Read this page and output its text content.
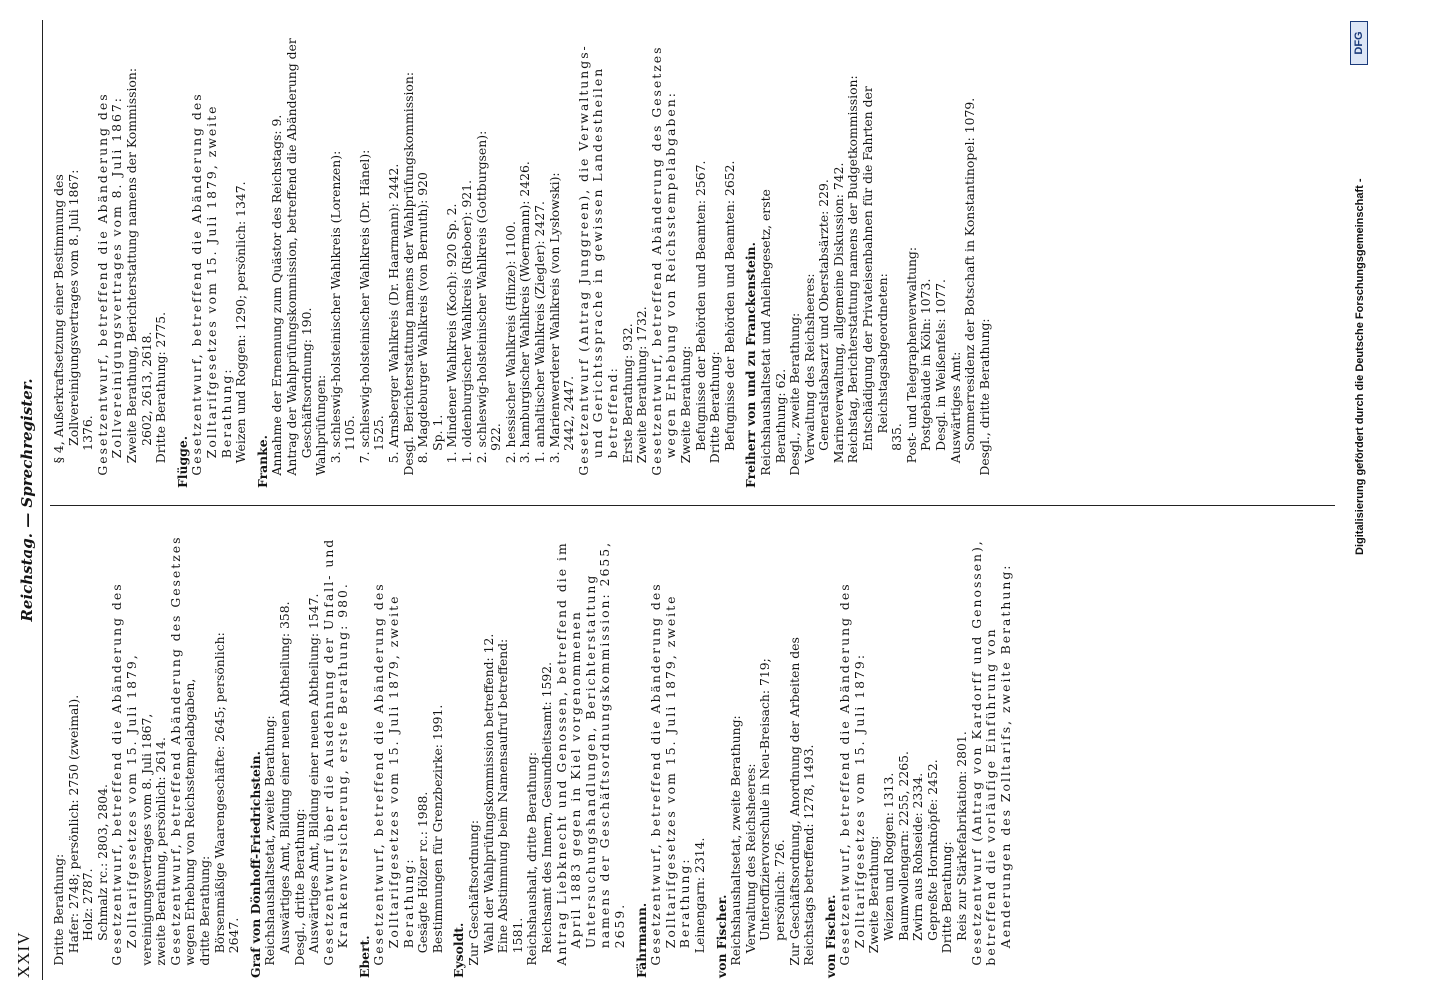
XXIV
Reichstag. — Sprechregister.

Dritte Berathung: Hafer: 2748; persönlich: 2750 (zweimal). Holz: 2787. Schmalz rc.: 2803, 2804. Gesetzentwurf, betreffend die Abänderung des Zolltarifgesetzes vom 15. Juli 1879, vereinigungsvertrages vom 8. Juli 1867, zweite Berathung, persönlich: 2614. Gesetzentwurf, betreffend Abänderung des Gesetzes wegen Erhebung von Reichsstempelabgaben, dritte Berathung: Börsenmäßige Waarengeschäfte: 2645; persönlich: 2647. Graf von Dönhoff-Friedrichstein. Reichshaushaltsetat, zweite Berathung: Auswärtiges Amt, Bildung einer neuen Abtheilung: 358. Desgl., dritte Berathung: Auswärtiges Amt, Bildung einer neuen Abtheilung: 1547. Gesetzentwurf über die Ausdehnung der Unfall- und Krankenversicherung, erste Berathung: 980.

Ebert. Gesetzentwurf, betreffend die Abänderung des Zolltarifgesetzes vom 15. Juli 1879, zweite Berathung: Gesägte Hölzer rc.: 1988. Bestimmungen für Grenzbezirke: 1991. Eysoldt. Zur Geschäftsordnung: Wahl der Wahlprüfungskommission betreffend: 12. Eine Abstimmung beim Namensaufruf betreffend: 1581. Reichshaushalt, dritte Berathung: Reichsamt des Innern, Gesundheitsamt: 1592. Antrag Liebknecht und Genossen, betreffend die im April 1883 gegen in Kiel vorgenommenen Untersuchungshandlungen, Berichterstattung namens der Geschäftsordnungskommission: 2655, 2659. Fährmann. Gesetzentwurf, betreffend die Abänderung des Zolltarifgesetzes vom 15. Juli 1879, zweite Berathung: Leinengarn: 2314. von Fischer. Reichshaushaltsetat, zweite Berathung: Verwaltung des Reichsheeres: Unteroffiziervorschule in Neu-Breisach: 719; persönlich: 726. Zur Geschäftsordnung, Anordnung der Arbeiten des Reichstags betreffend: 1278, 1493. von Fischer. Gesetzentwurf, betreffend die Abänderung des Zolltarifgesetzes vom 15. Juli 1879: Zweite Berathung: Weizen und Roggen: 1313. Baumwollengarn: 2255, 2265. Zwirn aus Rohseide: 2334. Gepreßte Hornknöpfe: 2452. Dritte Berathung: Reis zur Stärkefabrikation: 2801. Gesetzentwurf (Antrag von Kardorff und Genossen), betreffend die vorläufige Einführung von Aenderungen des Zolltarifs, zweite Berathung:

§ 4, Außerkraftsetzung einer Bestimmung des Zollvereinigungsvertrages vom 8. Juli 1867: 1376. Gesetzentwurf, betreffend die Abänderung des Zollvereinigungsvertrages vom 8. Juli 1867: Zweite Berathung, Berichterstattung namens der Kommission: 2602, 2613, 2618. Dritte Berathung: 2775. Flügge. Gesetzentwurf, betreffend die Abänderung des Zolltarifgesetzes vom 15. Juli 1879, zweite Berathung: Weizen und Roggen: 1290; persönlich: 1347. Franke. Annahme der Ernennung zum Quästor des Reichstags: 9. Antrag der Wahlprüfungskommission, betreffend die Abänderung der Geschäftsordnung: 190. Wahlprüfungen: 3. schleswig-holsteinischer Wahlkreis (Lorenzen): 1105. 7. schleswig-holsteinischer Wahlkreis (Dr. Hänel): 1525. 5. Arnsberger Wahlkreis (Dr. Haarmann): 2442. Desgl. Berichterstattung namens der Wahlprüfungskommission: 8. Magdeburger Wahlkreis (von Bernuth): 920 Sp. 1. 1. Mindener Wahlkreis (Koch): 920 Sp. 2. 1. oldenburgischer Wahlkreis (Rieboer): 921. 2. schleswig-holsteinischer Wahlkreis (Gottburgsen): 922. 2. hessischer Wahlkreis (Hinze): 1100. 3. hamburgischer Wahlkreis (Woermann): 2426. 1. anhaltischer Wahlkreis (Ziegler): 2427. 3. Marienwerderer Wahlkreis (von Lysłowski): 2442, 2447. Gesetzentwurf (Antrag Junggreen), die Verwaltungs- und Gerichtssprache in gewissen Landestheilen betreffend: Erste Berathung: 932. Zweite Berathung: 1732. Gesetzentwurf, betreffend Abänderung des Gesetzes wegen Erhebung von Reichsstempelabgaben: Zweite Berathung: Befugnisse der Behörden und Beamten: 2567. Dritte Berathung: Befugnisse der Behörden und Beamten: 2652. Freiherr von und zu Franckenstein. Reichshaushaltsetat und Anleihegesetz, erste Berathung: 62. Desgl., zweite Berathung: Verwaltung des Reichsheeres: Generalstabsarzt und Oberstabsärzte: 229. Marineverwaltung, allgemeine Diskussion: 742. Reichstag, Berichterstattung namens der Budgetkommission: Entschädigung der Privateisenbahnen für die Fahrten der Reichstagsabgeordneten:

835. Post- und Telegraphenverwaltung: Postgebäude in Köln: 1073. Desgl. in Weißenfels: 1077. Auswärtiges Amt: Sommerresidenz der Botschaft in Konstantinopel: 1079. Desgl., dritte Berathung:	Digitalisierung gefördert durch die Deutsche Forschungsgemeinschaft -
DFG
